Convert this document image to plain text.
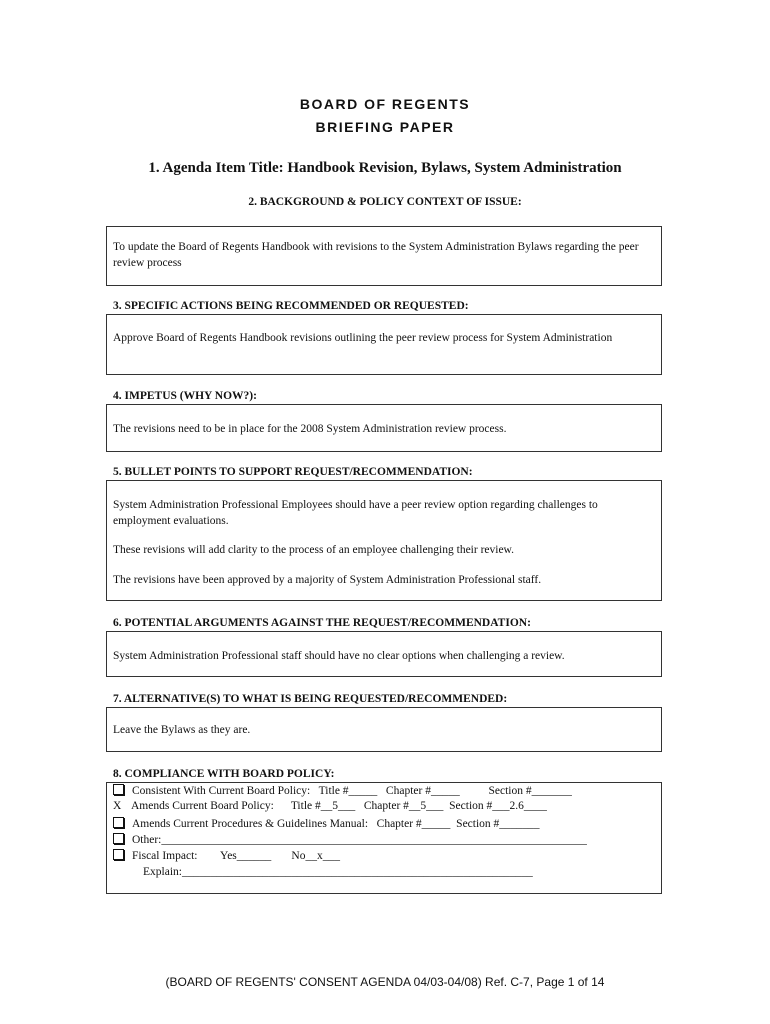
BOARD OF REGENTS
BRIEFING PAPER
1. Agenda Item Title: Handbook Revision, Bylaws, System Administration
2. BACKGROUND & POLICY CONTEXT OF ISSUE:

To update the Board of Regents Handbook with revisions to the System Administration Bylaws regarding the peer review process

3. SPECIFIC ACTIONS BEING RECOMMENDED OR REQUESTED:

Approve Board of Regents Handbook revisions outlining the peer review process for System Administration

4. IMPETUS (WHY NOW?):

The revisions need to be in place for the 2008 System Administration review process.

5. BULLET POINTS TO SUPPORT REQUEST/RECOMMENDATION:

System Administration Professional Employees should have a peer review option regarding challenges to employment evaluations.

These revisions will add clarity to the process of an employee challenging their review.

The revisions have been approved by a majority of System Administration Professional staff.

6. POTENTIAL ARGUMENTS AGAINST THE REQUEST/RECOMMENDATION:

System Administration Professional staff should have no clear options when challenging a review.

7. ALTERNATIVE(S) TO WHAT IS BEING REQUESTED/RECOMMENDED:

Leave the Bylaws as they are.

8. COMPLIANCE WITH BOARD POLICY:
Consistent With Current Board Policy:   Title #_____   Chapter #_____          Section #_______
X Amends Current Board Policy:      Title #__5___   Chapter #__5___  Section #___2.6____
Amends Current Procedures & Guidelines Manual:   Chapter #_____  Section #_______
Other:__________________________________________________________________________
Fiscal Impact:        Yes______       No__x___
Explain:_____________________________________________________________
(BOARD OF REGENTS' CONSENT AGENDA 04/03-04/08) Ref. C-7, Page 1 of 14
